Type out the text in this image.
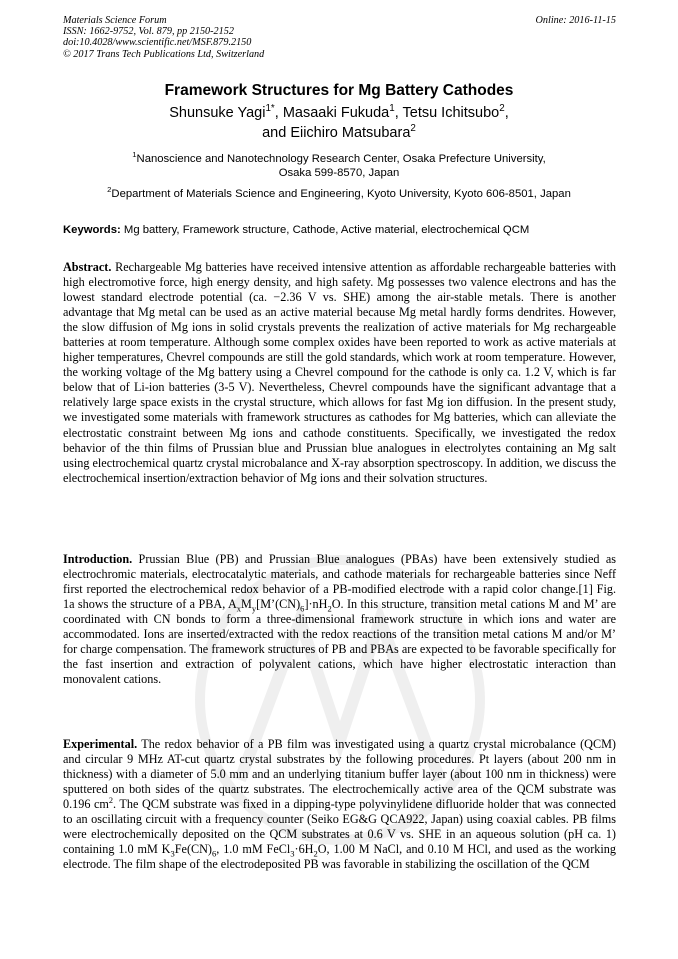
Materials Science Forum
ISSN: 1662-9752, Vol. 879, pp 2150-2152
doi:10.4028/www.scientific.net/MSF.879.2150
© 2017 Trans Tech Publications Ltd, Switzerland
Online: 2016-11-15
Framework Structures for Mg Battery Cathodes
Shunsuke Yagi$^{1*}$, Masaaki Fukuda$^1$, Tetsu Ichitsubo$^2$,
and Eiichiro Matsubara$^2$
$^1$Nanoscience and Nanotechnology Research Center, Osaka Prefecture University,
Osaka 599-8570, Japan
$^2$Department of Materials Science and Engineering, Kyoto University, Kyoto 606-8501, Japan
Keywords: Mg battery, Framework structure, Cathode, Active material, electrochemical QCM
Abstract. Rechargeable Mg batteries have received intensive attention as affordable rechargeable batteries with high electromotive force, high energy density, and high safety. Mg possesses two valence electrons and has the lowest standard electrode potential (ca. −2.36 V vs. SHE) among the air-stable metals. There is another advantage that Mg metal can be used as an active material because Mg metal hardly forms dendrites. However, the slow diffusion of Mg ions in solid crystals prevents the realization of active materials for Mg rechargeable batteries at room temperature. Although some complex oxides have been reported to work as active materials at higher temperatures, Chevrel compounds are still the gold standards, which work at room temperature. However, the working voltage of the Mg battery using a Chevrel compound for the cathode is only ca. 1.2 V, which is far below that of Li-ion batteries (3-5 V). Nevertheless, Chevrel compounds have the significant advantage that a relatively large space exists in the crystal structure, which allows for fast Mg ion diffusion. In the present study, we investigated some materials with framework structures as cathodes for Mg batteries, which can alleviate the electrostatic constraint between Mg ions and cathode constituents. Specifically, we investigated the redox behavior of the thin films of Prussian blue and Prussian blue analogues in electrolytes containing an Mg salt using electrochemical quartz crystal microbalance and X-ray absorption spectroscopy. In addition, we discuss the electrochemical insertion/extraction behavior of Mg ions and their solvation structures.
Introduction. Prussian Blue (PB) and Prussian Blue analogues (PBAs) have been extensively studied as electrochromic materials, electrocatalytic materials, and cathode materials for rechargeable batteries since Neff first reported the electrochemical redox behavior of a PB-modified electrode with a rapid color change.[1] Fig. 1a shows the structure of a PBA, $A_xM_y[M’(CN)_6]\cdot nH_2O$. In this structure, transition metal cations M and M’ are coordinated with CN bonds to form a three-dimensional framework structure in which ions and water are accommodated. Ions are inserted/extracted with the redox reactions of the transition metal cations M and/or M’ for charge compensation. The framework structures of PB and PBAs are expected to be favorable specifically for the fast insertion and extraction of polyvalent cations, which have higher electrostatic interaction than monovalent cations.
Experimental. The redox behavior of a PB film was investigated using a quartz crystal microbalance (QCM) and circular 9 MHz AT-cut quartz crystal substrates by the following procedures. Pt layers (about 200 nm in thickness) with a diameter of 5.0 mm and an underlying titanium buffer layer (about 100 nm in thickness) were sputtered on both sides of the quartz substrates. The electrochemically active area of the QCM substrate was 0.196 $cm^2$. The QCM substrate was fixed in a dipping-type polyvinylidene difluoride holder that was connected to an oscillating circuit with a frequency counter (Seiko EG&G QCA922, Japan) using coaxial cables. PB films were electrochemically deposited on the QCM substrates at 0.6 V vs. SHE in an aqueous solution (pH ca. 1) containing 1.0 mM $K_3Fe(CN)_6$, 1.0 mM $FeCl_3\cdot 6H_2O$, 1.00 M NaCl, and 0.10 M HCl, and used as the working electrode. The film shape of the electrodeposited PB was favorable in stabilizing the oscillation of the QCM
